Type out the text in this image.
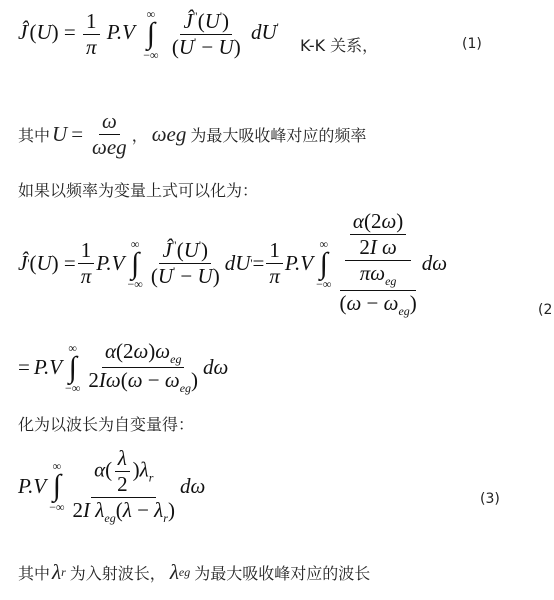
Ĵ'(U) = $\frac{1}{\pi} P.V$
∞
∫
−∞
$\frac{Ĵ^"(U')}{(U' - U)} dU'$
K-K 关系，	(1)
其中 $U = \frac{\omega}{\text{ωeg}}$ ， ωeg 为最大吸收峰对应的频率
如果以频率为变量上式可以化为：
Ĵ ' ( U ) = $\frac{1}{\pi} P.V$
∞
∫
−∞ $\frac{Ĵ^"(U')}{(U' - U)}$ dU ' = $\frac{1}{\pi} P.V$
∞
∫
−∞ $\frac{\frac{\frac{\alpha(2\omega)}{\text{2I ω}}}{\pi\omega_{eg}}}{(\omega - \omega_{eg})}$ dω
(2
= P.V
∞
∫
−∞ $\frac{\alpha(2\omega)\omega_{eg}}{2I\omega(\omega - \omega_{eg})}$ dω
化为以波长为自变量得：
P.V
∞
∫
−∞ $\frac{\alpha( \frac{\lambda}{2} )\lambda_r}{2I \lambda_{eg}(\lambda - \lambda_r)}$ dω
(3)
其中 λ r 为入射波长， λ eg 为最大吸收峰对应的波长
